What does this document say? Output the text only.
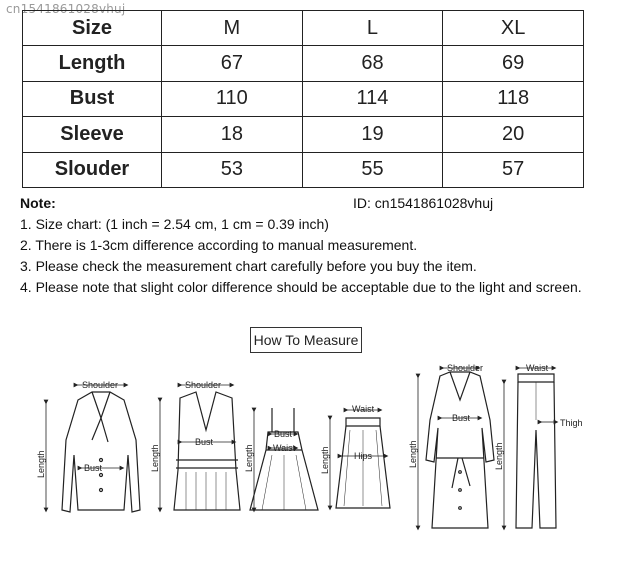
cn1541861028vhuj
Size	M	L	XL
Length	67	68	69
Bust	110	114	118
Sleeve	18	19	20
Slouder	53	55	57
Note:	ID: cn1541861028vhuj
1. Size chart: (1 inch = 2.54 cm, 1 cm = 0.39 inch)
2. There is 1-3cm difference according to manual measurement.
3. Please check the measurement chart carefully before you buy the item.
4. Please note that slight color difference should be acceptable due to the light and screen.
How To Measure
Shoulder
Bust
Length
Shoulder
Bust
Length
Bust
Waist
Length
Waist
Hips
Length
Shoulder
Bust
Length
Waist
Thigh
Length
